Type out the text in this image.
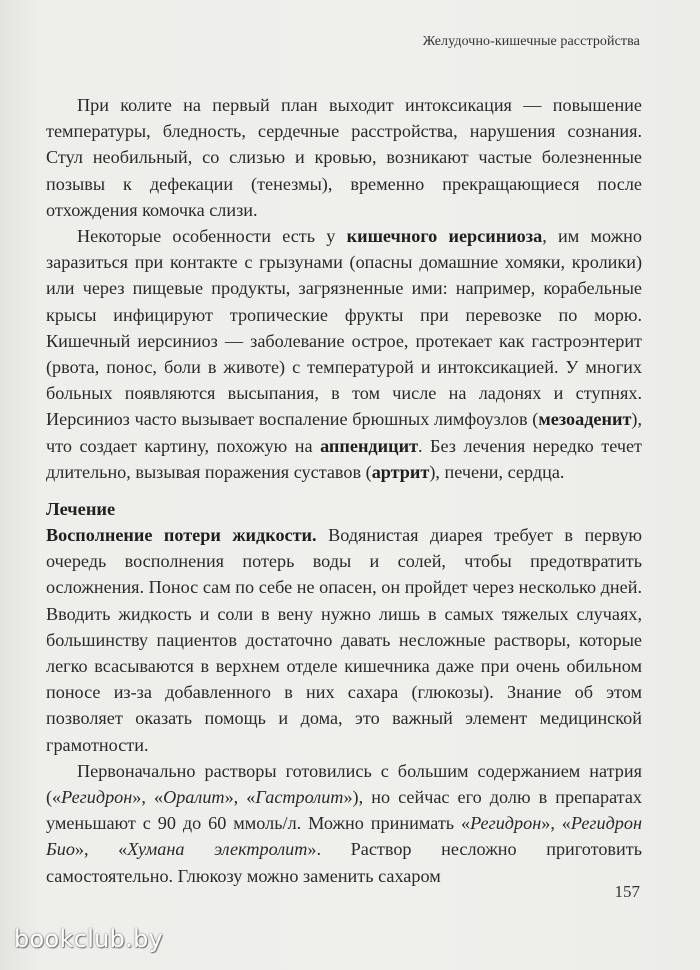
Желудочно-кишечные расстройства

При колите на первый план выходит интоксикация — повышение температуры, бледность, сердечные расстройства, нарушения сознания. Стул необильный, со слизью и кровью, возникают частые болезненные позывы к дефекации (тенезмы), временно прекращающиеся после отхождения комочка слизи.

Некоторые особенности есть у кишечного иерсиниоза, им можно заразиться при контакте с грызунами (опасны домашние хомяки, кролики) или через пищевые продукты, загрязненные ими: например, корабельные крысы инфицируют тропические фрукты при перевозке по морю. Кишечный иерсиниоз — заболевание острое, протекает как гастроэнтерит (рвота, понос, боли в животе) с температурой и интоксикацией. У многих больных появляются высыпания, в том числе на ладонях и ступнях. Иерсиниоз часто вызывает воспаление брюшных лимфоузлов (мезоаденит), что создает картину, похожую на аппендицит. Без лечения нередко течет длительно, вызывая поражения суставов (артрит), печени, сердца.

Лечение

Восполнение потери жидкости. Водянистая диарея требует в первую очередь восполнения потерь воды и солей, чтобы предотвратить осложнения. Понос сам по себе не опасен, он пройдет через несколько дней. Вводить жидкость и соли в вену нужно лишь в самых тяжелых случаях, большинству пациентов достаточно давать несложные растворы, которые легко всасываются в верхнем отделе кишечника даже при очень обильном поносе из-за добавленного в них сахара (глюкозы). Знание об этом позволяет оказать помощь и дома, это важный элемент медицинской грамотности.

Первоначально растворы готовились с большим содержанием натрия («Регидрон», «Оралит», «Гастролит»), но сейчас его долю в препаратах уменьшают с 90 до 60 ммоль/л. Можно принимать «Регидрон», «Регидрон Био», «Хумана электролит». Раствор несложно приготовить самостоятельно. Глюкозу можно заменить сахаром

157
bookclub.by
